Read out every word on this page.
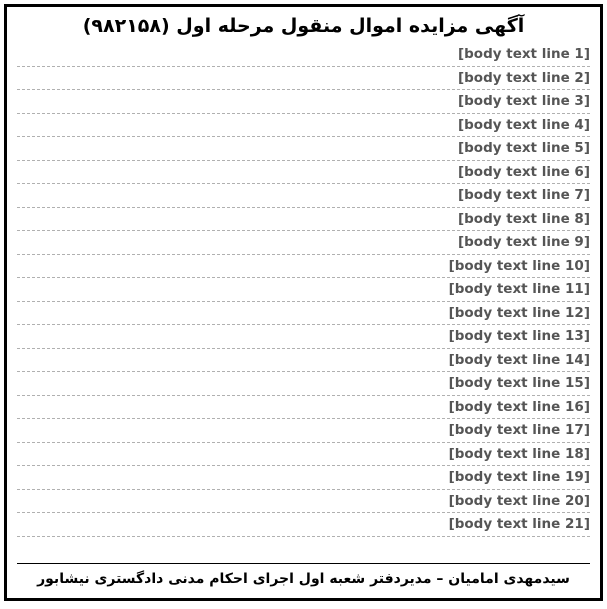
آگهی مزایده اموال منقول مرحله اول (۹۸۲۱۵۸)

[body text line 1]
[body text line 2]
[body text line 3]
[body text line 4]
[body text line 5]
[body text line 6]
[body text line 7]
[body text line 8]
[body text line 9]
[body text line 10]
[body text line 11]
[body text line 12]
[body text line 13]
[body text line 14]
[body text line 15]
[body text line 16]
[body text line 17]
[body text line 18]
[body text line 19]
[body text line 20]
[body text line 21]

سیدمهدی امامیان – مدیردفتر شعبه اول اجرای احکام مدنی دادگستری نیشابور
